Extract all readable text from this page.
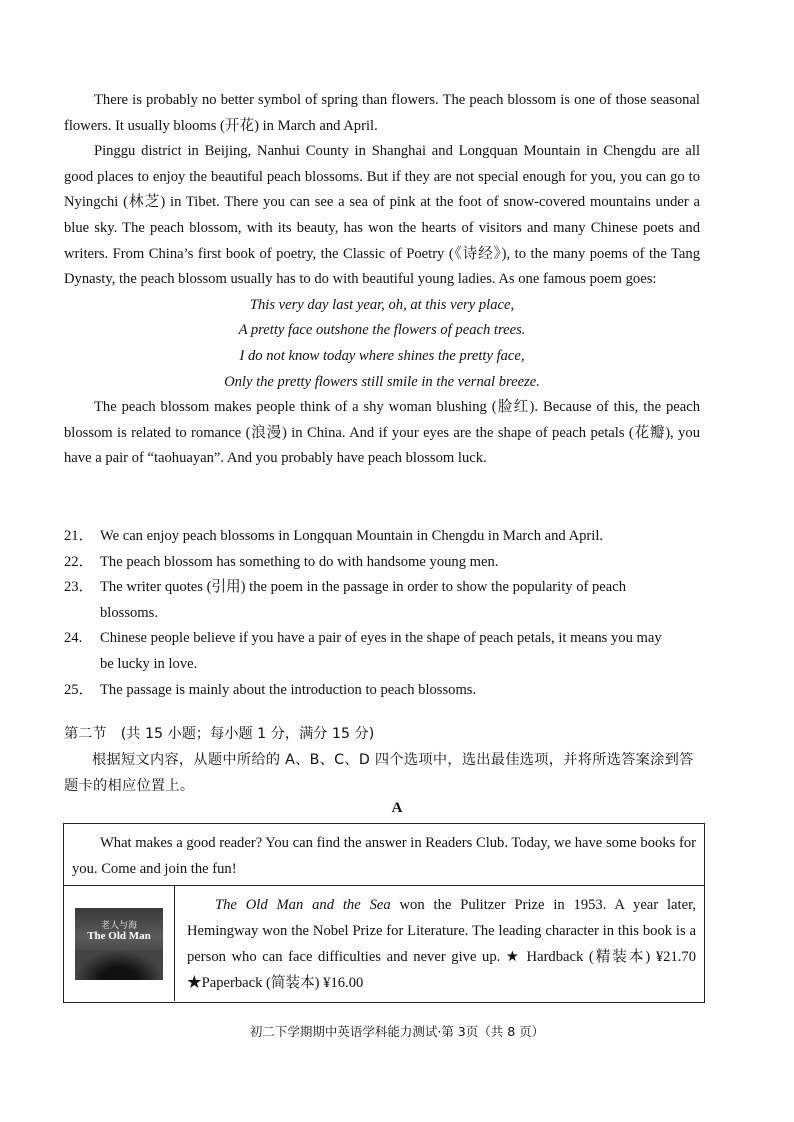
There is probably no better symbol of spring than flowers. The peach blossom is one of those seasonal flowers. It usually blooms (开花) in March and April.

Pinggu district in Beijing, Nanhui County in Shanghai and Longquan Mountain in Chengdu are all good places to enjoy the beautiful peach blossoms. But if they are not special enough for you, you can go to Nyingchi (林芝) in Tibet. There you can see a sea of pink at the foot of snow-covered mountains under a blue sky. The peach blossom, with its beauty, has won the hearts of visitors and many Chinese poets and writers. From China’s first book of poetry, the Classic of Poetry (《诗经》), to the many poems of the Tang Dynasty, the peach blossom usually has to do with beautiful young ladies. As one famous poem goes:

This very day last year, oh, at this very place,
A pretty face outshone the flowers of peach trees.
I do not know today where shines the pretty face,
Only the pretty flowers still smile in the vernal breeze.

The peach blossom makes people think of a shy woman blushing (脸红). Because of this, the peach blossom is related to romance (浪漫) in China. And if your eyes are the shape of peach petals (花瓣), you have a pair of “taohuayan”. And you probably have peach blossom luck.

21． We can enjoy peach blossoms in Longquan Mountain in Chengdu in March and April.
22． The peach blossom has something to do with handsome young men.
23． The writer quotes (引用) the poem in the passage in order to show the popularity of peach
blossoms.
24.	Chinese people believe if you have a pair of eyes in the shape of peach petals, it means you may
be lucky in love.
25． The passage is mainly about the introduction to peach blossoms.

第二节　(共 15 小题；每小题 1 分，满分 15 分)

根据短文内容，从题中所给的 A、B、C、D 四个选项中，选出最佳选项，并将所选答案涂到答题卡的相应位置上。

A
What makes a good reader? You can find the answer in Readers Club. Today, we have some books for you. Come and join the fun!
老人与海
The Old Man
The Old Man and the Sea won the Pulitzer Prize in 1953. A year later, Hemingway won the Nobel Prize for Literature. The leading character in this book is a person who can face difficulties and never give up. ★ Hardback (精装本) ¥21.70　★Paperback (简装本) ¥16.00
初二下学期期中英语学科能力测试·第 3页（共 8 页）
